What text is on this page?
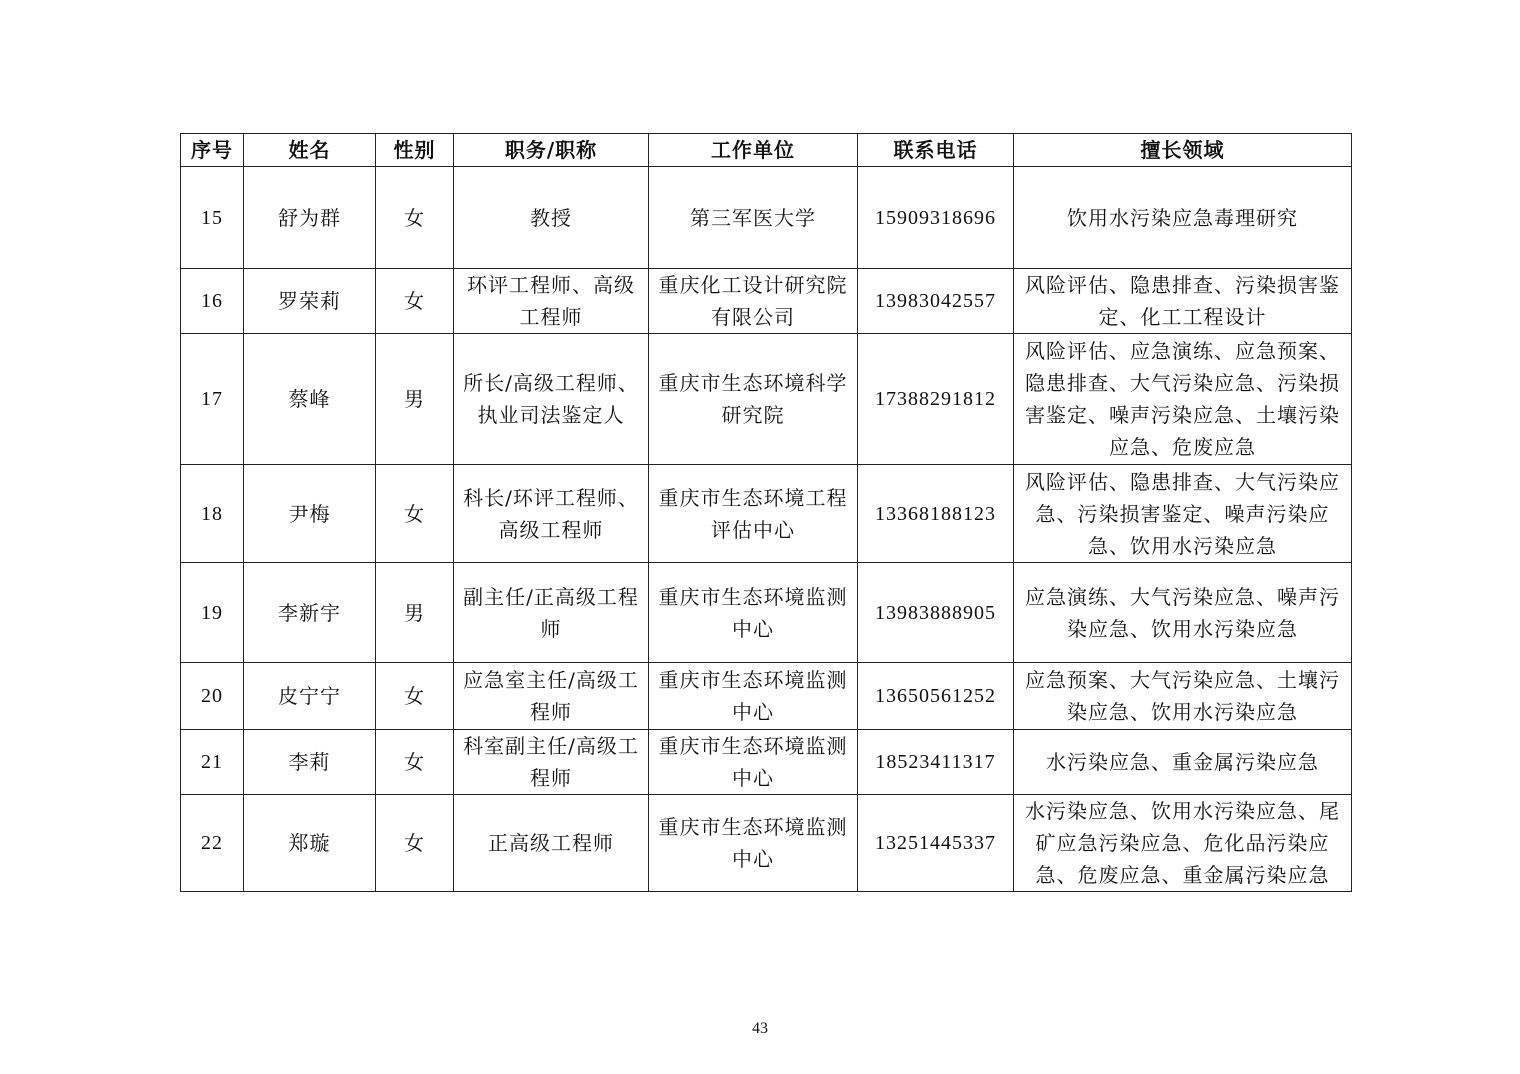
序号	姓名	性别	职务/职称	工作单位	联系电话	擅长领域
15	舒为群	女	教授	第三军医大学	15909318696	饮用水污染应急毒理研究
16	罗荣莉	女	环评工程师、高级工程师	重庆化工设计研究院有限公司	13983042557	风险评估、隐患排查、污染损害鉴定、化工工程设计
17	蔡峰	男	所长/高级工程师、执业司法鉴定人	重庆市生态环境科学研究院	17388291812	风险评估、应急演练、应急预案、隐患排查、大气污染应急、污染损害鉴定、噪声污染应急、土壤污染应急、危废应急
18	尹梅	女	科长/环评工程师、高级工程师	重庆市生态环境工程评估中心	13368188123	风险评估、隐患排查、大气污染应急、污染损害鉴定、噪声污染应急、饮用水污染应急
19	李新宇	男	副主任/正高级工程师	重庆市生态环境监测中心	13983888905	应急演练、大气污染应急、噪声污染应急、饮用水污染应急
20	皮宁宁	女	应急室主任/高级工程师	重庆市生态环境监测中心	13650561252	应急预案、大气污染应急、土壤污染应急、饮用水污染应急
21	李莉	女	科室副主任/高级工程师	重庆市生态环境监测中心	18523411317	水污染应急、重金属污染应急
22	郑璇	女	正高级工程师	重庆市生态环境监测中心	13251445337	水污染应急、饮用水污染应急、尾矿应急污染应急、危化品污染应急、危废应急、重金属污染应急
43
